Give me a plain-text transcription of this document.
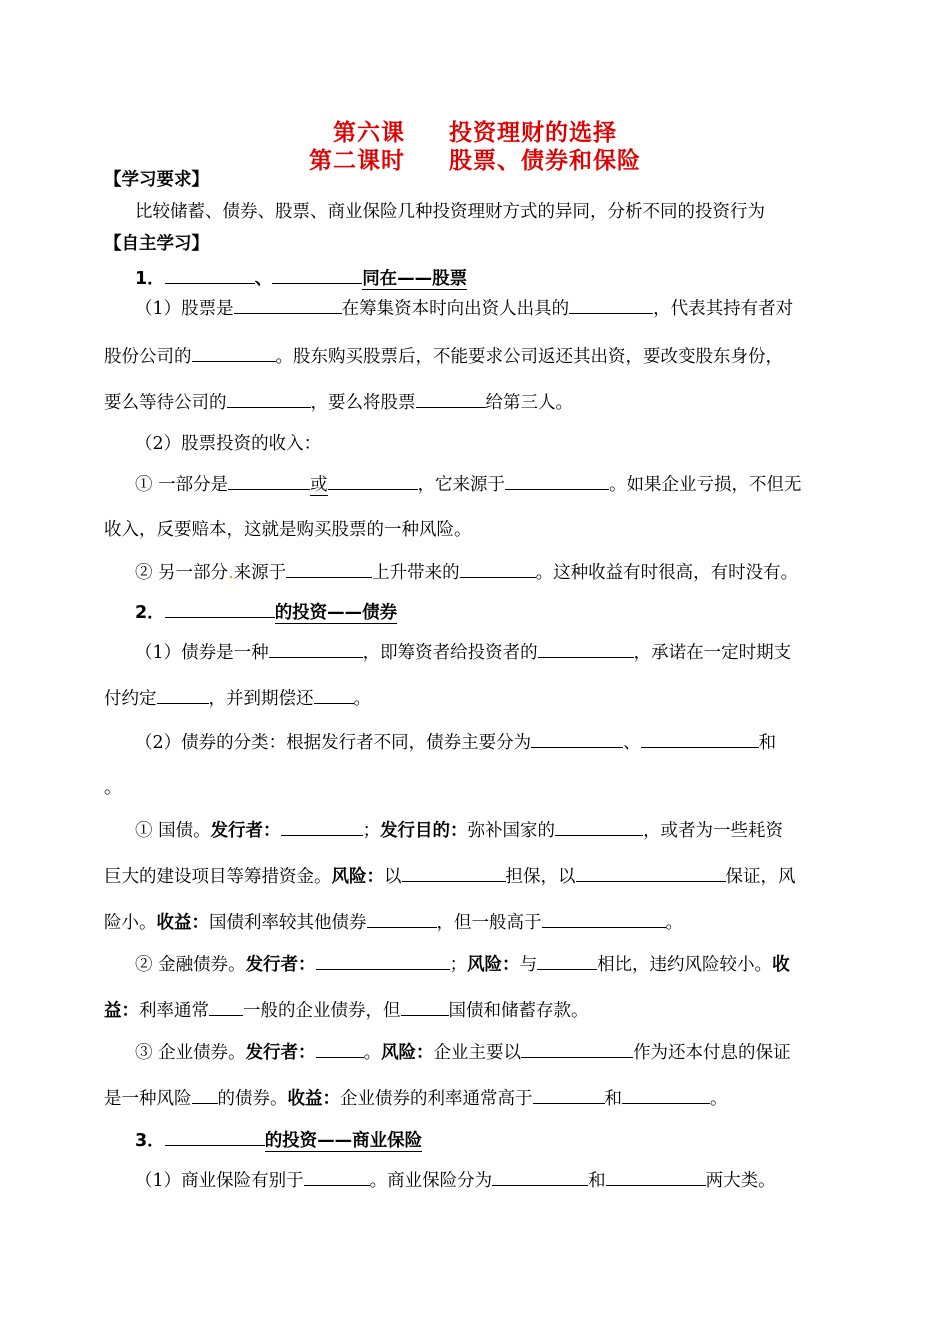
第六课 投资理财的选择
第二课时 股票、债券和保险
【学习要求】
比较储蓄、债券、股票、商业保险几种投资理财方式的异同，分析不同的投资行为
【自主学习】
1．	、	同在——股票
（1）股票是	在筹集资本时向出资人出具的	，代表其持有者对
股份公司的	。股东购买股票后，不能要求公司返还其出资，要改变股东身份，
要么等待公司的	，要么将股票	给第三人。
（2）股票投资的收入：
① 一部分是	或	，它来源于	。如果企业亏损，不但无
收入，反要赔本，这就是购买股票的一种风险。
② 另一部分.来源于	上升带来的	。这种收益有时很高，有时没有。
2．	的投资——债券
（1）债券是一种	，即筹资者给投资者的	，承诺在一定时期支
付约定	，并到期偿还 。
（2）债券的分类：根据发行者不同，债券主要分为	、	和
。
① 国债。发行者：	；发行目的：弥补国家的	，或者为一些耗资
巨大的建设项目等筹措资金。风险：以	担保，以	保证，风
险小。收益：国债利率较其他债券	，但一般高于	。
② 金融债券。发行者：	；风险：与	相比，违约风险较小。收
益：利率通常 一般的企业债券，但	国债和储蓄存款。
③ 企业债券。发行者：	。风险：企业主要以	作为还本付息的保证
是一种风险 的债券。收益：企业债券的利率通常高于	和	。
3．	的投资——商业保险
（1）商业保险有别于	。商业保险分为	和	两大类。
